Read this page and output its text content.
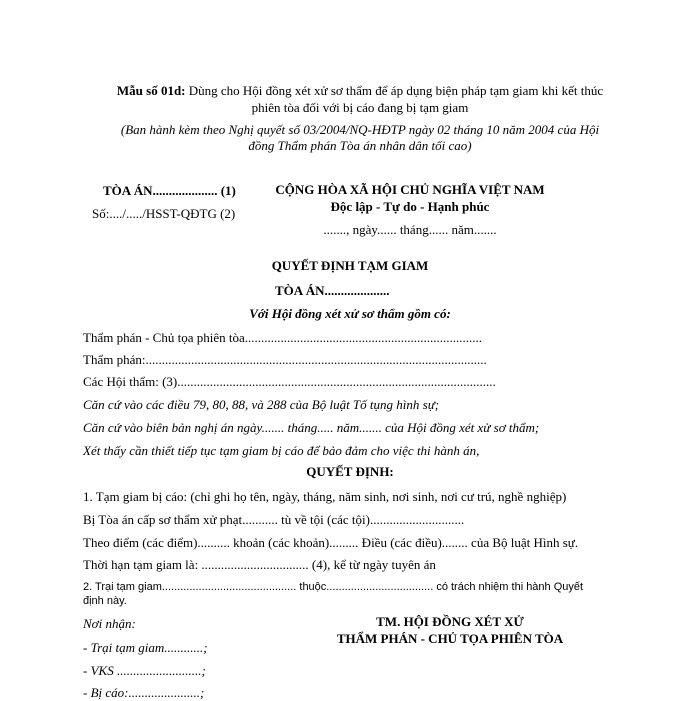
Mẫu số 01d: Dùng cho Hội đồng xét xử sơ thẩm để áp dụng biện pháp tạm giam khi kết thúc
phiên tòa đối với bị cáo đang bị tạm giam
(Ban hành kèm theo Nghị quyết số 03/2004/NQ-HĐTP ngày 02 tháng 10 năm 2004 của Hội
đồng Thẩm phán Tòa án nhân dân tối cao)
TÒA ÁN.................... (1)
Số:..../...../HSST-QĐTG (2)
CỘNG HÒA XÃ HỘI CHỦ NGHĨA VIỆT NAM
Độc lập - Tự do - Hạnh phúc
......., ngày...... tháng...... năm.......
QUYẾT ĐỊNH TẠM GIAM
TÒA ÁN....................
Với Hội đồng xét xử sơ thẩm gồm có:
Thẩm phán - Chủ tọa phiên tòa.........................................................................
Thẩm phán:.........................................................................................................
Các Hội thẩm: (3)..................................................................................................
Căn cứ vào các điều 79, 80, 88, và 288 của Bộ luật Tố tụng hình sự;
Căn cứ vào biên bản nghị án ngày....... tháng..... năm....... của Hội đồng xét xử sơ thẩm;
Xét thấy cần thiết tiếp tục tạm giam bị cáo để bảo đảm cho việc thi hành án,
QUYẾT ĐỊNH:
1. Tạm giam bị cáo: (chỉ ghi họ tên, ngày, tháng, năm sinh, nơi sinh, nơi cư trú, nghề nghiệp)
Bị Tòa án cấp sơ thẩm xử phạt........... tù về tội (các tội).............................
Theo điểm (các điểm).......... khoản (các khoản)......... Điều (các điều)........ của Bộ luật Hình sự.
Thời hạn tạm giam là: ................................. (4), kể từ ngày tuyên án
2. Trại tạm giam............................................ thuộc................................... có trách nhiệm thi hành Quyết
định này.
Nơi nhận:
- Trại tạm giam............;
- VKS ..........................;
- Bị cáo:......................;
TM. HỘI ĐỒNG XÉT XỬ
THẨM PHÁN - CHỦ TỌA PHIÊN TÒA
